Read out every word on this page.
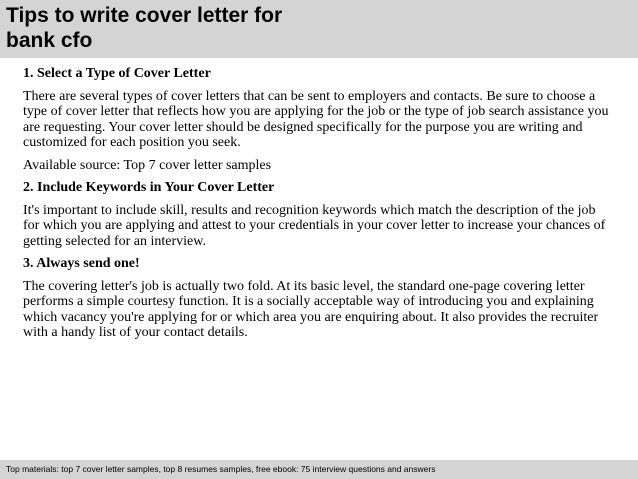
Tips to write cover letter for
bank cfo

1. Select a Type of Cover Letter

There are several types of cover letters that can be sent to employers and contacts. Be sure to choose a type of cover letter that reflects how you are applying for the job or the type of job search assistance you are requesting. Your cover letter should be designed specifically for the purpose you are writing and customized for each position you seek.

Available source: Top 7 cover letter samples

2. Include Keywords in Your Cover Letter

It's important to include skill, results and recognition keywords which match the description of the job for which you are applying and attest to your credentials in your cover letter to increase your chances of getting selected for an interview.

3. Always send one!

The covering letter's job is actually two fold. At its basic level, the standard one-page covering letter performs a simple courtesy function. It is a socially acceptable way of introducing you and explaining which vacancy you're applying for or which area you are enquiring about. It also provides the recruiter with a handy list of your contact details.

Top materials: top 7 cover letter samples, top 8 resumes samples, free ebook: 75 interview questions and answers
